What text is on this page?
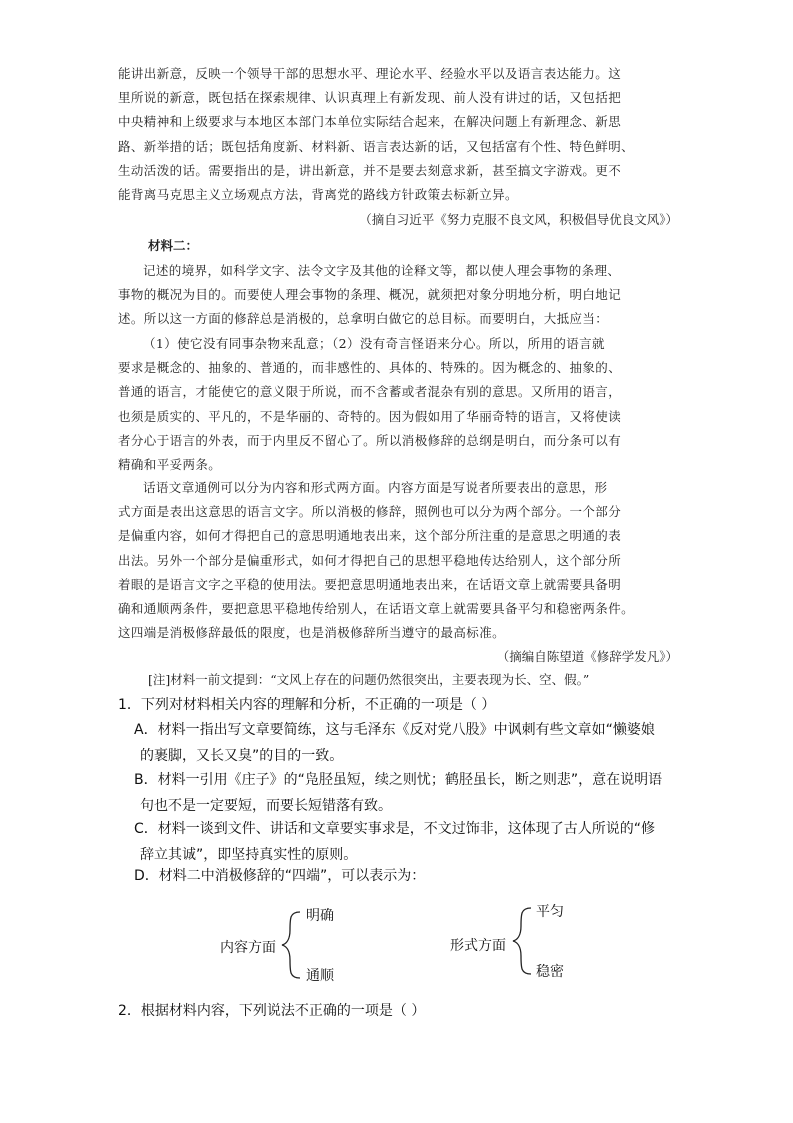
能讲出新意，反映一个领导干部的思想水平、理论水平、经验水平以及语言表达能力。这
里所说的新意，既包括在探索规律、认识真理上有新发现、前人没有讲过的话，又包括把
中央精神和上级要求与本地区本部门本单位实际结合起来，在解决问题上有新理念、新思
路、新举措的话；既包括角度新、材料新、语言表达新的话，又包括富有个性、特色鲜明、
生动活泼的话。需要指出的是，讲出新意，并不是要去刻意求新，甚至搞文字游戏。更不
能背离马克思主义立场观点方法，背离党的路线方针政策去标新立异。
（摘自习近平《努力克服不良文风，积极倡导优良文风》）
材料二：
记述的境界，如科学文字、法令文字及其他的诠释文等，都以使人理会事物的条理、
事物的概况为目的。而要使人理会事物的条理、概况，就须把对象分明地分析，明白地记
述。所以这一方面的修辞总是消极的，总拿明白做它的总目标。而要明白，大抵应当：
（1）使它没有同事杂物来乱意；（2）没有奇言怪语来分心。所以，所用的语言就
要求是概念的、抽象的、普通的，而非感性的、具体的、特殊的。因为概念的、抽象的、
普通的语言，才能使它的意义限于所说，而不含蓄或者混杂有别的意思。又所用的语言，
也须是质实的、平凡的，不是华丽的、奇特的。因为假如用了华丽奇特的语言，又将使读
者分心于语言的外表，而于内里反不留心了。所以消极修辞的总纲是明白，而分条可以有
精确和平妥两条。
话语文章通例可以分为内容和形式两方面。内容方面是写说者所要表出的意思，形
式方面是表出这意思的语言文字。所以消极的修辞，照例也可以分为两个部分。一个部分
是偏重内容，如何才得把自己的意思明通地表出来，这个部分所注重的是意思之明通的表
出法。另外一个部分是偏重形式，如何才得把自己的思想平稳地传达给别人，这个部分所
着眼的是语言文字之平稳的使用法。要把意思明通地表出来，在话语文章上就需要具备明
确和通顺两条件，要把意思平稳地传给别人，在话语文章上就需要具备平匀和稳密两条件。
这四端是消极修辞最低的限度，也是消极修辞所当遵守的最高标准。
（摘编自陈望道《修辞学发凡》）
[注]材料一前文提到：“文风上存在的问题仍然很突出，主要表现为长、空、假。”
1．下列对材料相关内容的理解和分析，不正确的一项是（ ）
A．材料一指出写文章要简练，这与毛泽东《反对党八股》中讽刺有些文章如“懒婆娘
的裹脚，又长又臭”的目的一致。
B．材料一引用《庄子》的“凫胫虽短，续之则忧；鹤胫虽长，断之则悲”，意在说明语
句也不是一定要短，而要长短错落有致。
C．材料一谈到文件、讲话和文章要实事求是，不文过饰非，这体现了古人所说的“修
辞立其诚”，即坚持真实性的原则。
D．材料二中消极修辞的“四端”，可以表示为：
内容方面
明确
通顺
形式方面
平匀
稳密
2．根据材料内容，下列说法不正确的一项是（ ）
